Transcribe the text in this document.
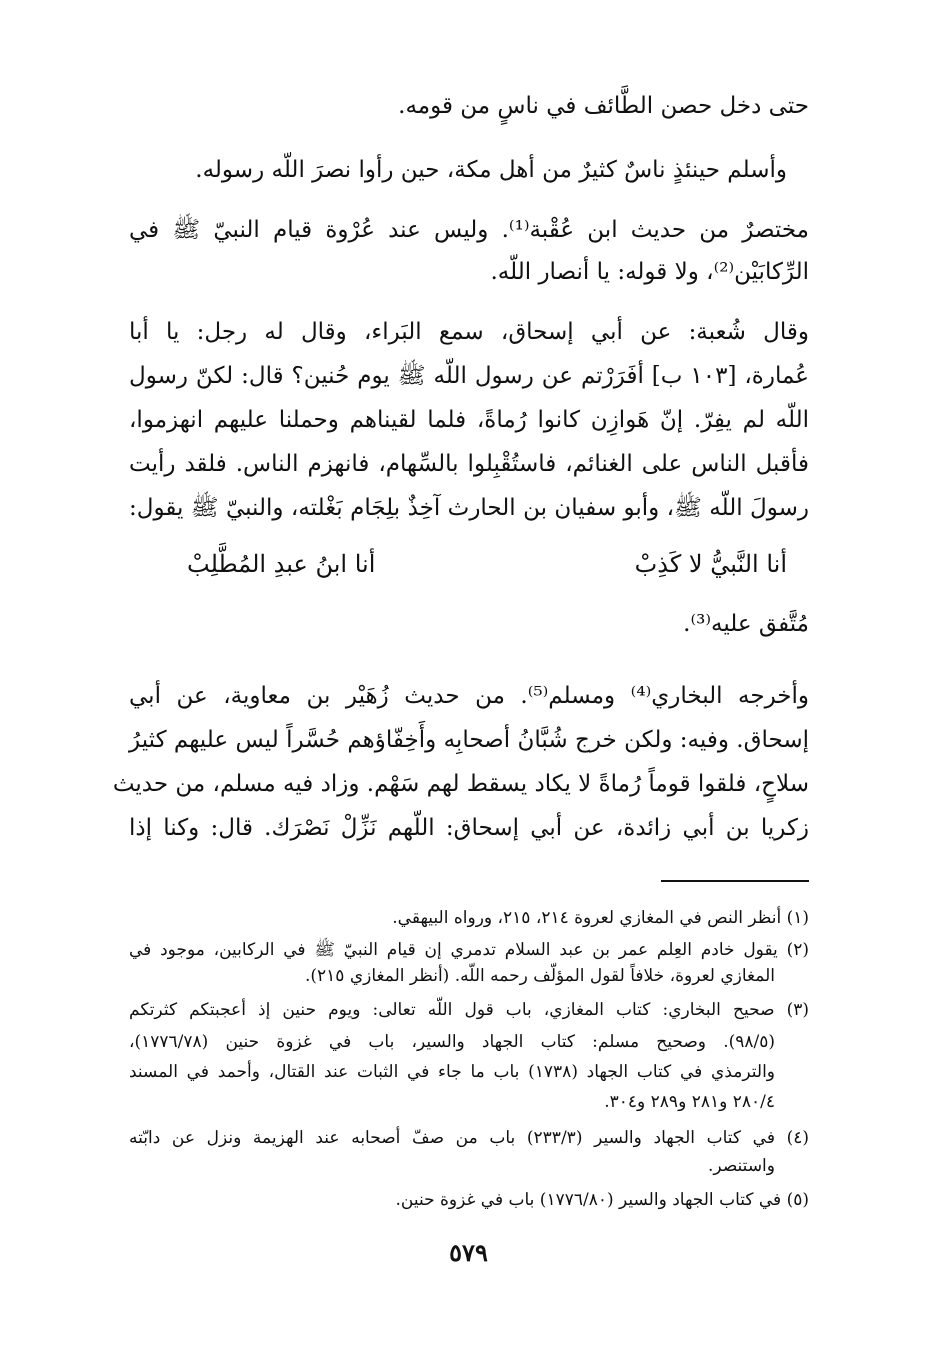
حتى دخل حصن الطَّائف في ناسٍ من قومه.
وأسلم حينئذٍ ناسٌ كثيرٌ من أهل مكة، حين رأوا نصرَ اللّه رسوله.
مختصرٌ من حديث ابن عُقْبة⁽¹⁾. وليس عند عُرْوة قيام النبيّ ﷺ في
الرِّكابَيْن⁽²⁾، ولا قوله: يا أنصار اللّه.
وقال شُعبة: عن أبي إسحاق، سمع البَراء، وقال له رجل: يا أبا
عُمارة، [١٠٣ ب] أفَرَرْتم عن رسول اللّه ﷺ يوم حُنين؟ قال: لكنّ رسول
اللّه لم يفِرّ. إنّ هَوازِن كانوا رُماةً، فلما لقيناهم وحملنا عليهم انهزموا،
فأقبل الناس على الغنائم، فاستُقْبِلوا بالسِّهام، فانهزم الناس. فلقد رأيت
رسولَ اللّه ﷺ، وأبو سفيان بن الحارث آخِذٌ بلِجَام بَغْلته، والنبيّ ﷺ يقول:
أنا النَّبيُّ لا كَذِبْ
أنا ابنُ عبدِ المُطَّلِبْ
مُتَّفق عليه⁽³⁾.
وأخرجه البخاري⁽⁴⁾ ومسلم⁽⁵⁾. من حديث زُهَيْر بن معاوية، عن أبي
إسحاق. وفيه: ولكن خرج شُبَّانُ أصحابِه وأَخِفّاؤهم حُسَّراً ليس عليهم كثيرُ
سلاحٍ، فلقوا قوماً رُماةً لا يكاد يسقط لهم سَهْم. وزاد فيه مسلم، من حديث
زكريا بن أبي زائدة، عن أبي إسحاق: اللّهم نَزِّلْ نَصْرَك. قال: وكنا إذا
(١) أنظر النص في المغازي لعروة ٢١٤، ٢١٥، ورواه البيهقي.
(٢) يقول خادم العِلم عمر بن عبد السلام تدمري إن قيام النبيّ ﷺ في الركابين، موجود في
المغازي لعروة، خلافاً لقول المؤلّف رحمه اللّه. (أنظر المغازي ٢١٥).
(٣) صحيح البخاري: كتاب المغازي، باب قول اللّه تعالى: ويوم حنين إذ أعجبتكم كثرتكم
(٩٨/٥). وصحيح مسلم: كتاب الجهاد والسير، باب في غزوة حنين (١٧٧٦/٧٨)،
والترمذي في كتاب الجهاد (١٧٣٨) باب ما جاء في الثبات عند القتال، وأحمد في المسند
٢٨٠/٤ و٢٨١ و٢٨٩ و٣٠٤.
(٤) في كتاب الجهاد والسير (٢٣٣/٣) باب من صفّ أصحابه عند الهزيمة ونزل عن دابّته
واستنصر.
(٥) في كتاب الجهاد والسير (١٧٧٦/٨٠) باب في غزوة حنين.
٥٧٩
